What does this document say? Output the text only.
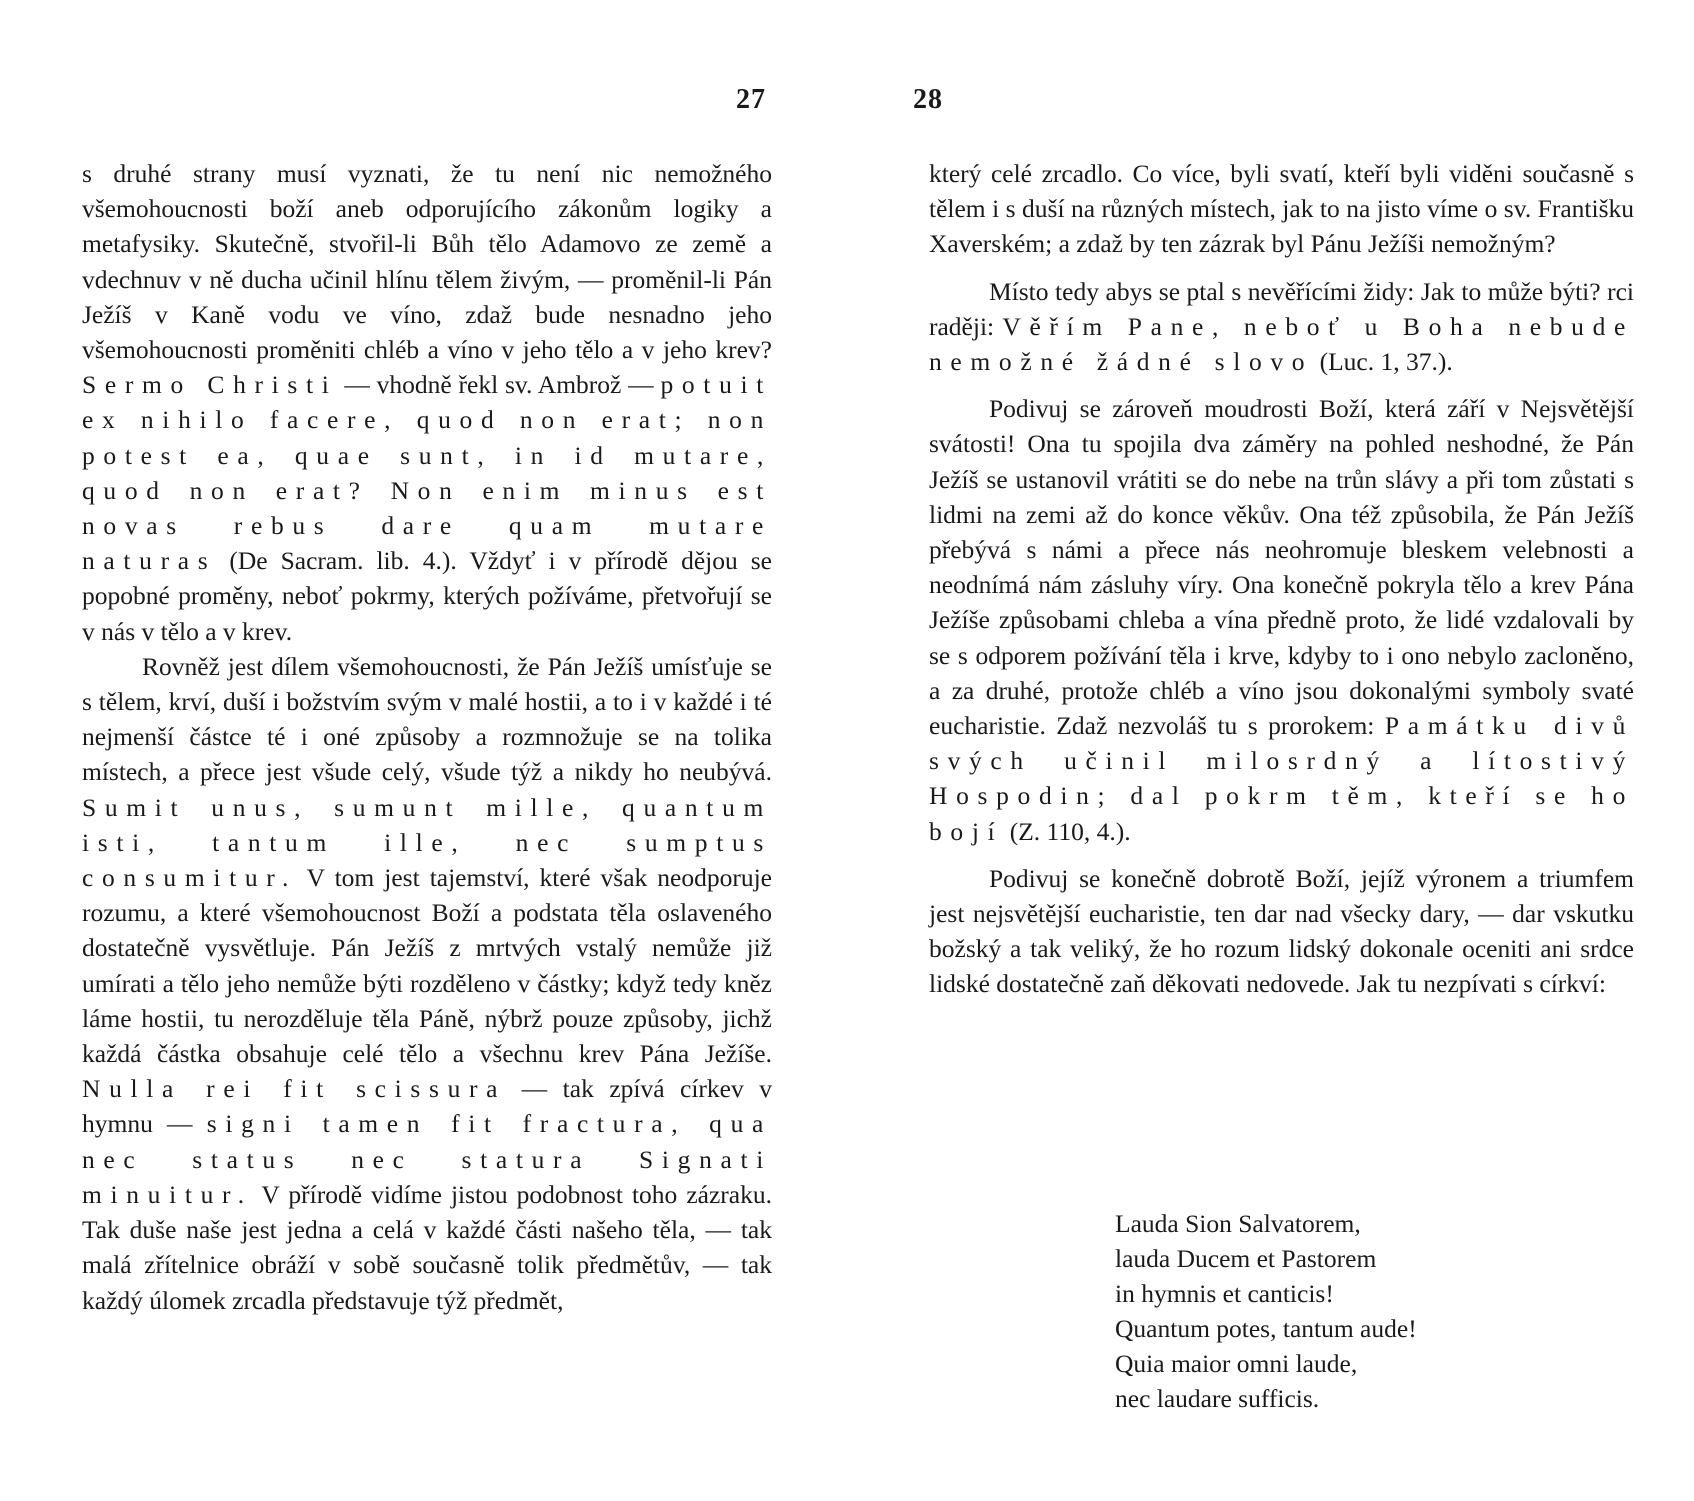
27

s druhé strany musí vyznati, že tu není nic nemožného všemohoucnosti boží aneb odporujícího zákonům logiky a metafysiky. Skutečně, stvořil-li Bůh tělo Adamovo ze země a vdechnuv v ně ducha učinil hlínu tělem živým, — proměnil-li Pán Ježíš v Kaně vodu ve víno, zdaž bude nesnadno jeho všemohoucnosti proměniti chléb a víno v jeho tělo a v jeho krev? Sermo Christi — vhodně řekl sv. Ambrož — potuit ex nihilo facere, quod non erat; non potest ea, quae sunt, in id mutare, quod non erat? Non enim minus est novas rebus dare quam mutare naturas (De Sacram. lib. 4.). Vždyť i v přírodě dějou se popobné proměny, neboť pokrmy, kterých požíváme, přetvořují se v nás v tělo a v krev.

Rovněž jest dílem všemohoucnosti, že Pán Ježíš umísťuje se s tělem, krví, duší i božstvím svým v malé hostii, a to i v každé i té nejmenší částce té i oné způsoby a rozmnožuje se na tolika místech, a přece jest všude celý, všude týž a nikdy ho neubývá. Sumit unus, sumunt mille, quantum isti, tantum ille, nec sumptus consumitur. V tom jest tajemství, které však neodporuje rozumu, a které všemohoucnost Boží a podstata těla oslaveného dostatečně vysvětluje. Pán Ježíš z mrtvých vstalý nemůže již umírati a tělo jeho nemůže býti rozděleno v částky; když tedy kněz láme hostii, tu nerozděluje těla Páně, nýbrž pouze způsoby, jichž každá částka obsahuje celé tělo a všechnu krev Pána Ježíše. Nulla rei fit scissura — tak zpívá církev v hymnu — signi tamen fit fractura, qua nec status nec statura Signati minuitur. V přírodě vidíme jistou podobnost toho zázraku. Tak duše naše jest jedna a celá v každé části našeho těla, — tak malá zřítelnice obráží v sobě současně tolik předmětův, — tak každý úlomek zrcadla představuje týž předmět,

28

který celé zrcadlo. Co více, byli svatí, kteří byli viděni současně s tělem i s duší na různých místech, jak to na jisto víme o sv. Františku Xaverském; a zdaž by ten zázrak byl Pánu Ježíši nemožným?

Místo tedy abys se ptal s nevěřícími židy: Jak to může býti? rci raději: Věřím Pane, neboť u Boha nebude nemožné žádné slovo (Luc. 1, 37.).

Podivuj se zároveň moudrosti Boží, která září v Nejsvětější svátosti! Ona tu spojila dva záměry na pohled neshodné, že Pán Ježíš se ustanovil vrátiti se do nebe na trůn slávy a při tom zůstati s lidmi na zemi až do konce věkův. Ona též způsobila, že Pán Ježíš přebývá s námi a přece nás neohromuje bleskem velebnosti a neodnímá nám zásluhy víry. Ona konečně pokryla tělo a krev Pána Ježíše způsobami chleba a vína předně proto, že lidé vzdalovali by se s odporem požívání těla i krve, kdyby to i ono nebylo zacloněno, a za druhé, protože chléb a víno jsou dokonalými symboly svaté eucharistie. Zdaž nezvoláš tu s prorokem: Památku divů svých učinil milosrdný a lítostivý Hospodin; dal pokrm těm, kteří se ho bojí (Z. 110, 4.).

Podivuj se konečně dobrotě Boží, jejíž výronem a triumfem jest nejsvětější eucharistie, ten dar nad všecky dary, — dar vskutku božský a tak veliký, že ho rozum lidský dokonale oceniti ani srdce lidské dostatečně zaň děkovati nedovede. Jak tu nezpívati s církví:

Lauda Sion Salvatorem,
lauda Ducem et Pastorem
in hymnis et canticis!
Quantum potes, tantum aude!
Quia maior omni laude,
nec laudare sufficis.
